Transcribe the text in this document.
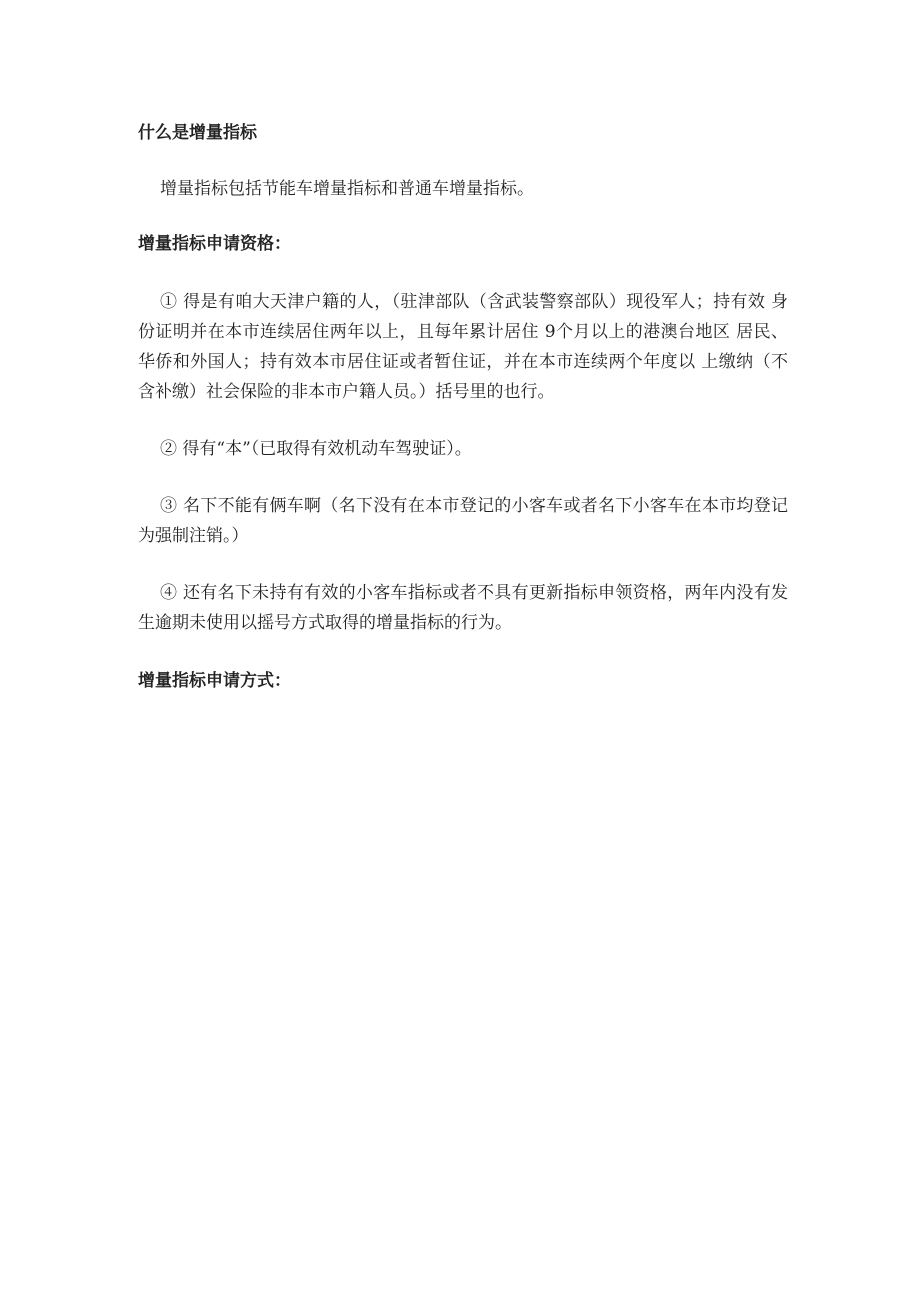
什么是增量指标

增量指标包括节能车增量指标和普通车增量指标。

增量指标申请资格：

① 得是有咱大天津户籍的人，（驻津部队（含武装警察部队）现役军人；持有效 身份证明并在本市连续居住两年以上，且每年累计居住 9个月以上的港澳台地区 居民、华侨和外国人；持有效本市居住证或者暂住证，并在本市连续两个年度以 上缴纳（不含补缴）社会保险的非本市户籍人员。）括号里的也行。

② 得有“本”（已取得有效机动车驾驶证）。

③ 名下不能有俩车啊（名下没有在本市登记的小客车或者名下小客车在本市均登记为强制注销。）

④ 还有名下未持有有效的小客车指标或者不具有更新指标申领资格，两年内没有发生逾期未使用以摇号方式取得的增量指标的行为。

增量指标申请方式：
